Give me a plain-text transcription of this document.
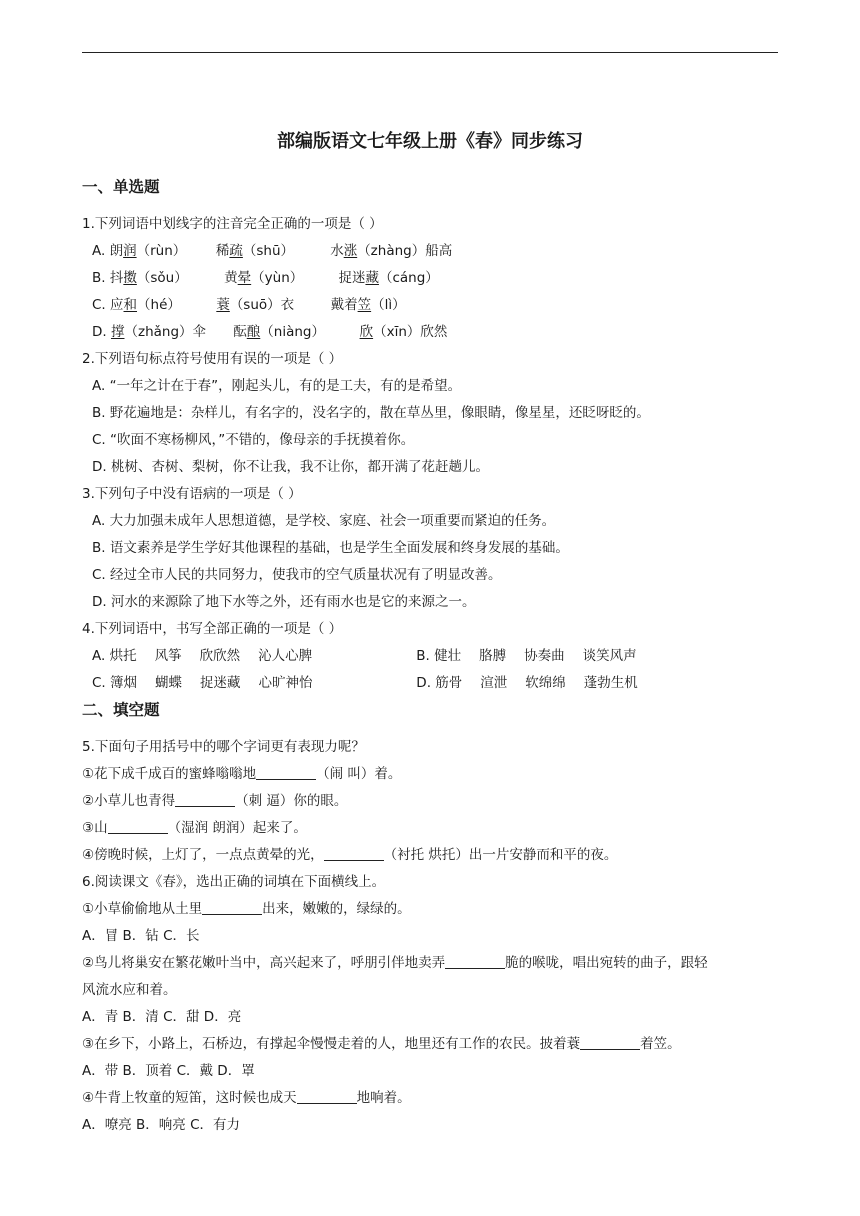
部编版语文七年级上册《春》同步练习
一、单选题
1.下列词语中划线字的注音完全正确的一项是（ ）
A. 朗润（rùn） 稀疏（shū）	水涨（zhàng）船高
B. 抖擞（sǒu）	黄晕（yùn）	捉迷藏（cáng）
C. 应和（hé）	蓑（suō）衣	戴着笠（lì）
D. 撑（zhǎng）伞 酝酿（niàng）	欣（xīn）欣然
2.下列语句标点符号使用有误的一项是（ ）
A. “一年之计在于春”，刚起头儿，有的是工夫，有的是希望。
B. 野花遍地是：杂样儿，有名字的，没名字的，散在草丛里，像眼睛，像星星，还眨呀眨的。
C. “吹面不寒杨柳风，”不错的，像母亲的手抚摸着你。
D. 桃树、杏树、梨树，你不让我，我不让你，都开满了花赶趟儿。
3.下列句子中没有语病的一项是（ ）
A. 大力加强未成年人思想道德，是学校、家庭、社会一项重要而紧迫的任务。
B. 语文素养是学生学好其他课程的基础，也是学生全面发展和终身发展的基础。
C. 经过全市人民的共同努力，使我市的空气质量状况有了明显改善。
D. 河水的来源除了地下水等之外，还有雨水也是它的来源之一。
4.下列词语中，书写全部正确的一项是（ ）
A. 烘托 风筝 欣欣然 沁人心脾	B. 健壮 胳膊 协奏曲 谈笑风声
C. 簿烟 蝴蝶 捉迷藏 心旷神怡	D. 筋骨 渲泄 软绵绵 蓬勃生机
二、填空题
5.下面句子用括号中的哪个字词更有表现力呢？
①花下成千成百的蜜蜂嗡嗡地	（闹 叫）着。
②小草儿也青得	（刺 逼）你的眼。
③山	（湿润 朗润）起来了。
④傍晚时候，上灯了，一点点黄晕的光，	（衬托 烘托）出一片安静而和平的夜。
6.阅读课文《春》，选出正确的词填在下面横线上。
①小草偷偷地从土里	出来，嫩嫩的，绿绿的。
A．冒 B．钻 C．长
②鸟儿将巢安在繁花嫩叶当中，高兴起来了，呼朋引伴地卖弄	脆的喉咙，唱出宛转的曲子，跟轻
风流水应和着。
A．青 B．清 C．甜 D．亮
③在乡下，小路上，石桥边，有撑起伞慢慢走着的人，地里还有工作的农民。披着蓑	着笠。
A．带 B．顶着 C．戴 D．罩
④牛背上牧童的短笛，这时候也成天	地响着。
A．嘹亮 B．响亮 C．有力
